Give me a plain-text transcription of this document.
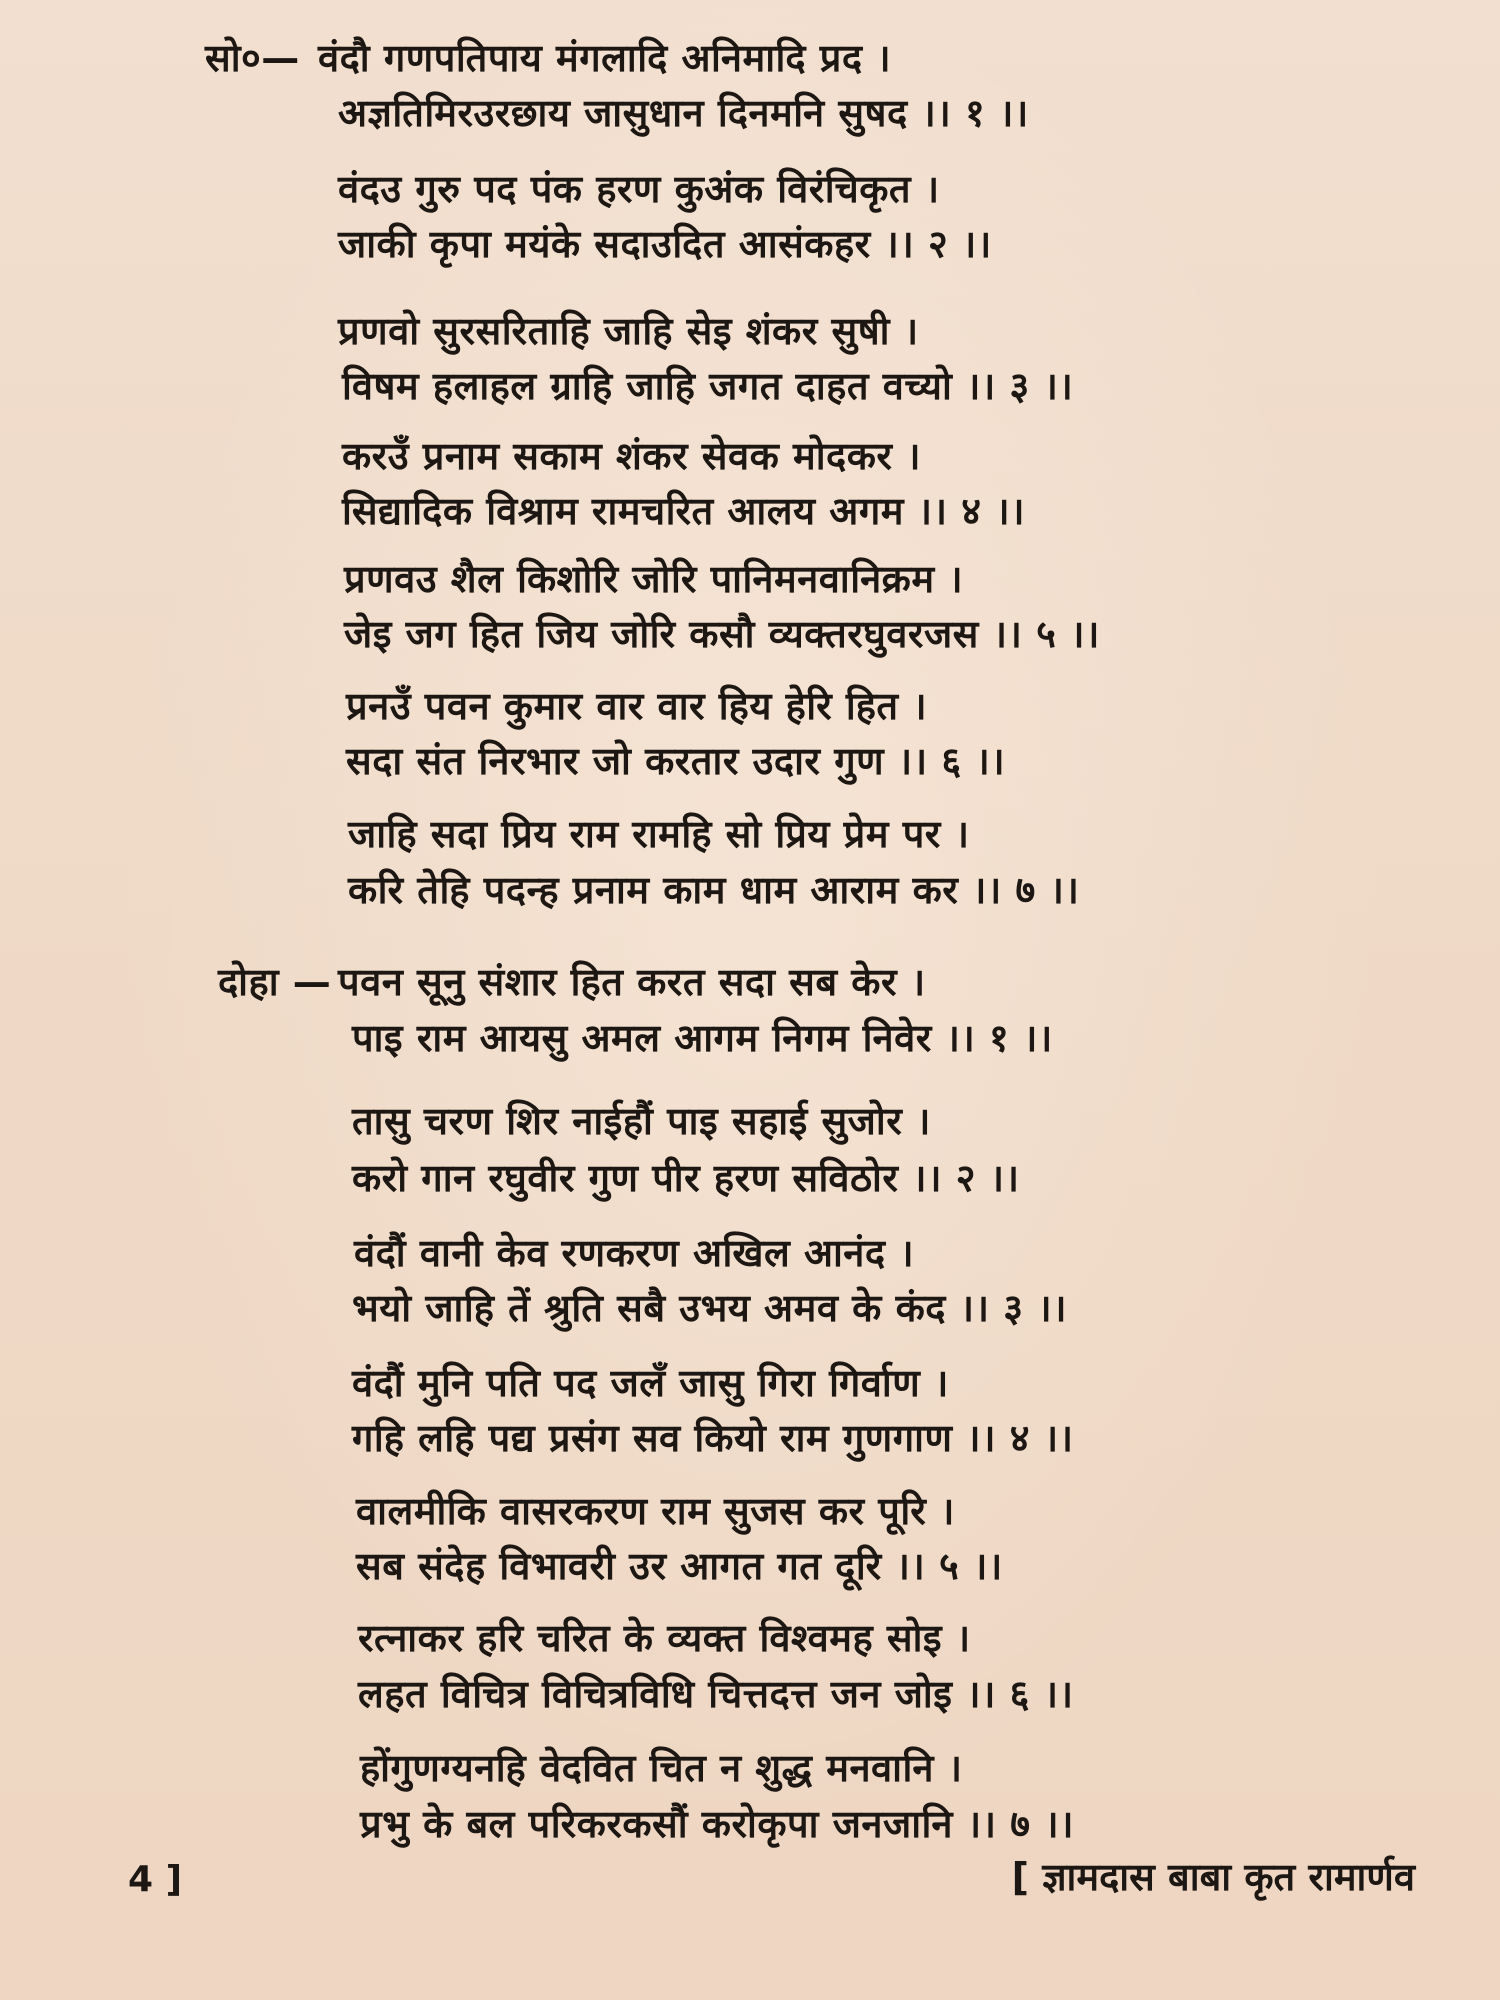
सो०— वंदौ गणपतिपाय मंगलादि अनिमादि प्रद ।
अज्ञतिमिरउरछाय जासुधान दिनमनि सुषद ।। १ ।।
वंदउ गुरु पद पंक हरण कुअंक विरंचिकृत ।
जाकी कृपा मयंके सदाउदित आसंकहर ।। २ ।।
प्रणवो सुरसरिताहि जाहि सेइ शंकर सुषी ।
विषम हलाहल ग्राहि जाहि जगत दाहत वच्यो ।। ३ ।।
करउँ प्रनाम सकाम शंकर सेवक मोदकर ।
सिद्यादिक विश्राम रामचरित आलय अगम ।। ४ ।।
प्रणवउ शैल किशोरि जोरि पानिमनवानिक्रम ।
जेइ जग हित जिय जोरि कसौ व्यक्तरघुवरजस ।। ५ ।।
प्रनउँ पवन कुमार वार वार हिय हेरि हित ।
सदा संत निरभार जो करतार उदार गुण ।। ६ ।।
जाहि सदा प्रिय राम रामहि सो प्रिय प्रेम पर ।
करि तेहि पदन्ह प्रनाम काम धाम आराम कर ।। ७ ।।
दोहा — पवन सूनु संशार हित करत सदा सब केर ।
पाइ राम आयसु अमल आगम निगम निवेर ।। १ ।।
तासु चरण शिर नाईहौं पाइ सहाई सुजोर ।
करो गान रघुवीर गुण पीर हरण सविठोर ।। २ ।।
वंदौं वानी केव रणकरण अखिल आनंद ।
भयो जाहि तें श्रुति सबै उभय अमव के कंद ।। ३ ।।
वंदौं मुनि पति पद जलँ जासु गिरा गिर्वाण ।
गहि लहि पद्य प्रसंग सव कियो राम गुणगाण ।। ४ ।।
वालमीकि वासरकरण राम सुजस कर पूरि ।
सब संदेह विभावरी उर आगत गत दूरि ।। ५ ।।
रत्नाकर हरि चरित के व्यक्त विश्वमह सोइ ।
लहत विचित्र विचित्रविधि चित्तदत्त जन जोइ ।। ६ ।।
होंगुणग्यनहि वेदवित चित न शुद्ध मनवानि ।
प्रभु के बल परिकरकसौं करोकृपा जनजानि ।। ७ ।।
4 ]	[ ज्ञामदास बाबा कृत रामार्णव
